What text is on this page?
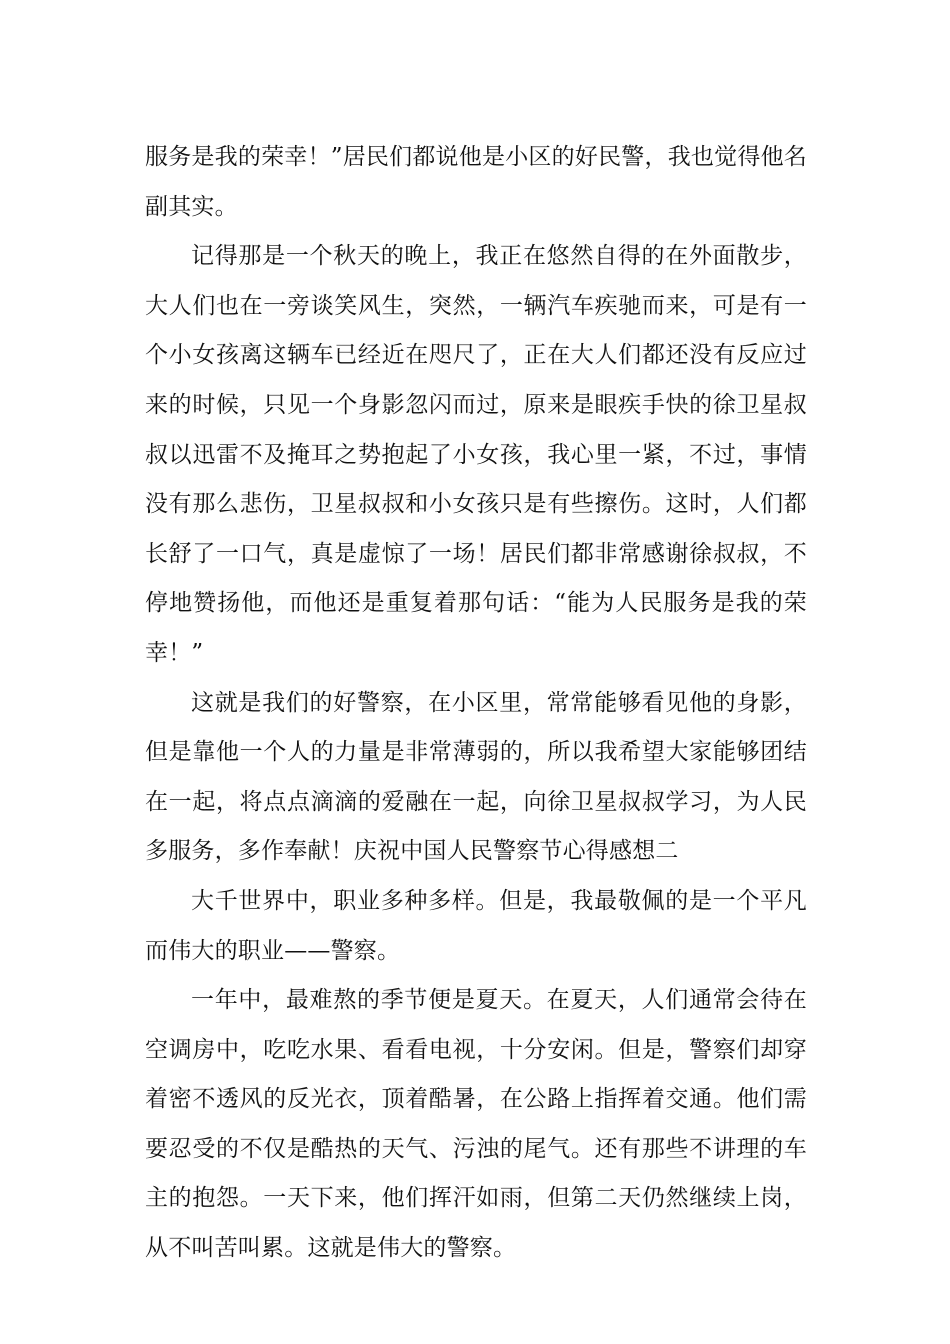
服务是我的荣幸！”居民们都说他是小区的好民警，我也觉得他名副其实。

记得那是一个秋天的晚上，我正在悠然自得的在外面散步，大人们也在一旁谈笑风生，突然，一辆汽车疾驰而来，可是有一个小女孩离这辆车已经近在咫尺了，正在大人们都还没有反应过来的时候，只见一个身影忽闪而过，原来是眼疾手快的徐卫星叔叔以迅雷不及掩耳之势抱起了小女孩，我心里一紧，不过，事情没有那么悲伤，卫星叔叔和小女孩只是有些擦伤。这时，人们都长舒了一口气，真是虚惊了一场！居民们都非常感谢徐叔叔，不停地赞扬他，而他还是重复着那句话：“能为人民服务是我的荣幸！”

这就是我们的好警察，在小区里，常常能够看见他的身影，但是靠他一个人的力量是非常薄弱的，所以我希望大家能够团结在一起，将点点滴滴的爱融在一起，向徐卫星叔叔学习，为人民多服务，多作奉献！庆祝中国人民警察节心得感想二

大千世界中，职业多种多样。但是，我最敬佩的是一个平凡而伟大的职业——警察。

一年中，最难熬的季节便是夏天。在夏天，人们通常会待在空调房中，吃吃水果、看看电视，十分安闲。但是，警察们却穿着密不透风的反光衣，顶着酷暑，在公路上指挥着交通。他们需要忍受的不仅是酷热的天气、污浊的尾气。还有那些不讲理的车主的抱怨。一天下来，他们挥汗如雨，但第二天仍然继续上岗，从不叫苦叫累。这就是伟大的警察。
